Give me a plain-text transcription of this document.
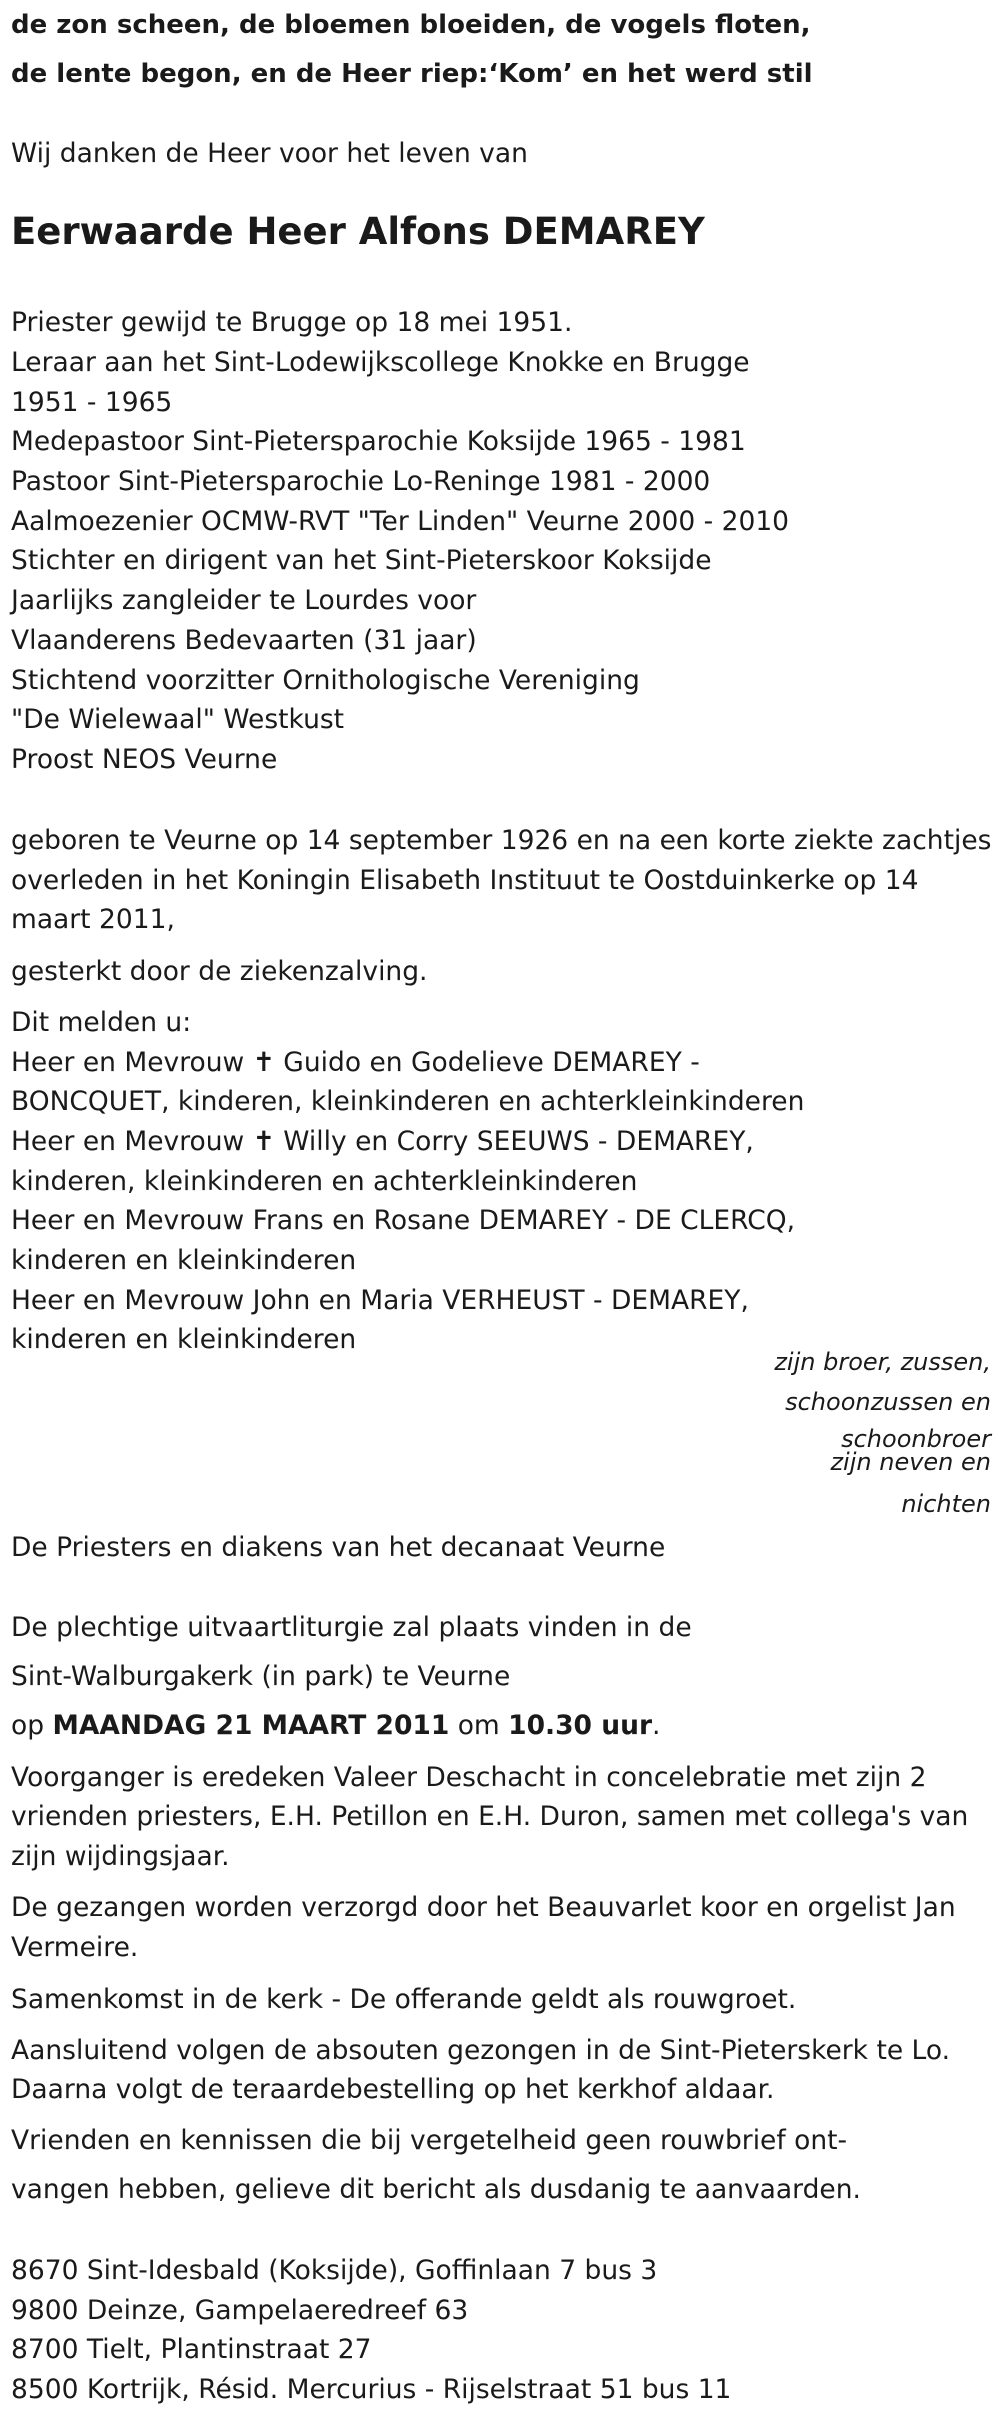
de zon scheen, de bloemen bloeiden, de vogels floten,
de lente begon, en de Heer riep:‘Kom’ en het werd stil
Wij danken de Heer voor het leven van
Eerwaarde Heer Alfons DEMAREY
Priester gewijd te Brugge op 18 mei 1951.
Leraar aan het Sint-Lodewijkscollege Knokke en Brugge
1951 - 1965
Medepastoor Sint-Pietersparochie Koksijde 1965 - 1981
Pastoor Sint-Pietersparochie Lo-Reninge 1981 - 2000
Aalmoezenier OCMW-RVT "Ter Linden" Veurne 2000 - 2010
Stichter en dirigent van het Sint-Pieterskoor Koksijde
Jaarlijks zangleider te Lourdes voor
Vlaanderens Bedevaarten (31 jaar)
Stichtend voorzitter Ornithologische Vereniging
"De Wielewaal" Westkust
Proost NEOS Veurne
geboren te Veurne op 14 september 1926 en na een korte ziekte zachtjes
overleden in het Koningin Elisabeth Instituut te Oostduinkerke op 14
maart 2011,
gesterkt door de ziekenzalving.
Dit melden u:
Heer en Mevrouw ✝ Guido en Godelieve DEMAREY -
BONCQUET, kinderen, kleinkinderen en achterkleinkinderen
Heer en Mevrouw ✝ Willy en Corry SEEUWS - DEMAREY,
kinderen, kleinkinderen en achterkleinkinderen
Heer en Mevrouw Frans en Rosane DEMAREY - DE CLERCQ,
kinderen en kleinkinderen
Heer en Mevrouw John en Maria VERHEUST - DEMAREY,
kinderen en kleinkinderen
zijn broer, zussen,
schoonzussen en
schoonbroer
zijn neven en
nichten
De Priesters en diakens van het decanaat Veurne
De plechtige uitvaartliturgie zal plaats vinden in de
Sint-Walburgakerk (in park) te Veurne
op MAANDAG 21 MAART 2011 om 10.30 uur.
Voorganger is eredeken Valeer Deschacht in concelebratie met zijn 2
vrienden priesters, E.H. Petillon en E.H. Duron, samen met collega's van
zijn wijdingsjaar.
De gezangen worden verzorgd door het Beauvarlet koor en orgelist Jan
Vermeire.
Samenkomst in de kerk - De offerande geldt als rouwgroet.
Aansluitend volgen de absouten gezongen in de Sint-Pieterskerk te Lo.
Daarna volgt de teraardebestelling op het kerkhof aldaar.
Vrienden en kennissen die bij vergetelheid geen rouwbrief ont-
vangen hebben, gelieve dit bericht als dusdanig te aanvaarden.
8670 Sint-Idesbald (Koksijde), Goffinlaan 7 bus 3
9800 Deinze, Gampelaeredreef 63
8700 Tielt, Plantinstraat 27
8500 Kortrijk, Résid. Mercurius - Rijselstraat 51 bus 11
